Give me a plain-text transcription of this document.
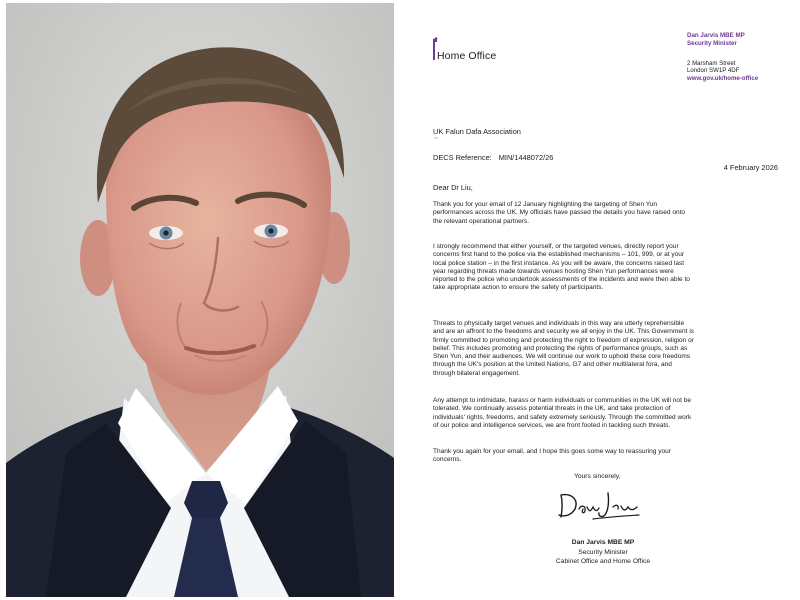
Home Office
Dan Jarvis MBE MP
Security Minister
2 Marsham Street
London SW1P 4DF
www.gov.uk/home-office
UK Falun Dafa Association
~
DECS Reference: MIN/1448072/26
4 February 2026
Dear Dr Liu,
Thank you for your email of 12 January highlighting the targeting of Shen Yun
performances across the UK. My officials have passed the details you have raised onto
the relevant operational partners.
I strongly recommend that either yourself, or the targeted venues, directly report your
concerns first hand to the police via the established mechanisms – 101, 999, or at your
local police station – in the first instance. As you will be aware, the concerns raised last
year regarding threats made towards venues hosting Shen Yun performances were
reported to the police who undertook assessments of the incidents and were then able to
take appropriate action to ensure the safety of participants.
Threats to physically target venues and individuals in this way are utterly reprehensible
and are an affront to the freedoms and security we all enjoy in the UK. This Government is
firmly committed to promoting and protecting the right to freedom of expression, religion or
belief. This includes promoting and protecting the rights of performance groups, such as
Shen Yun, and their audiences. We will continue our work to uphold these core freedoms
through the UK's position at the United Nations, G7 and other multilateral fora, and
through bilateral engagement.
Any attempt to intimidate, harass or harm individuals or communities in the UK will not be
tolerated. We continually assess potential threats in the UK, and take protection of
individuals' rights, freedoms, and safety extremely seriously. Through the committed work
of our police and intelligence services, we are front footed in tackling such threats.
Thank you again for your email, and I hope this goes some way to reassuring your
concerns.
Yours sincerely,
Dan Jarvis MBE MP
Security Minister
Cabinet Office and Home Office
